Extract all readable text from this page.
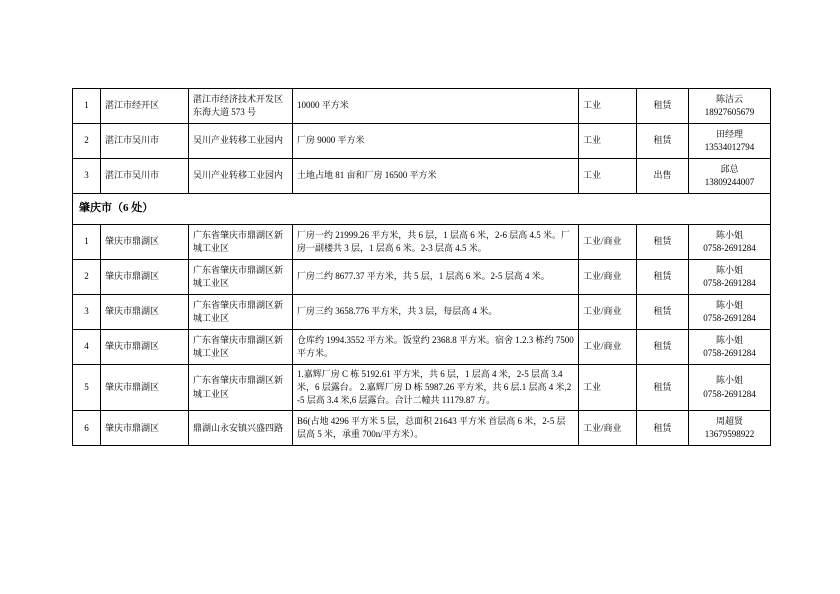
1	湛江市经开区	湛江市经济技术开发区东海大道 573 号	10000 平方米	工业	租赁	陈洁云
18927605679

2	湛江市吴川市	吴川产业转移工业园内	厂房 9000 平方米	工业	租赁	田经理
13534012794

3	湛江市吴川市	吴川产业转移工业园内	土地占地 81 亩和厂房 16500 平方米	工业	出售	邱总
13809244007

肇庆市（6 处）						
1	肇庆市鼎湖区	广东省肇庆市鼎湖区新城工业区	厂房一约 21999.26 平方米，共 6 层，1 层高 6 米，2-6 层高 4.5 米。厂房一副楼共 3 层，1 层高 6 米。2-3 层高 4.5 米。	工业/商业	租赁	陈小姐
0758-2691284

2	肇庆市鼎湖区	广东省肇庆市鼎湖区新城工业区	厂房二约 8677.37 平方米，共 5 层，1 层高 6 米。2-5 层高 4 米。	工业/商业	租赁	陈小姐
0758-2691284

3	肇庆市鼎湖区	广东省肇庆市鼎湖区新城工业区	厂房三约 3658.776 平方米，共 3 层，每层高 4 米。	工业/商业	租赁	陈小姐
0758-2691284

4	肇庆市鼎湖区	广东省肇庆市鼎湖区新城工业区	仓库约 1994.3552 平方米。饭堂约 2368.8 平方米。宿舍 1.2.3 栋约 7500 平方米。	工业/商业	租赁	陈小姐
0758-2691284

5	肇庆市鼎湖区	广东省肇庆市鼎湖区新城工业区	1.嘉辉厂房 C 栋 5192.61 平方米，共 6 层，1 层高 4 米，2-5 层高 3.4 米，6 层露台。 2.嘉辉厂房 D 栋 5987.26 平方米，共 6 层.1 层高 4 米,2-5 层高 3.4 米,6 层露台。合计二幢共 11179.87 方。	工业	租赁	陈小姐
0758-2691284

6	肇庆市鼎湖区	鼎湖山永安镇兴盛四路	B6(占地 4296 平方米 5 层，总面积 21643 平方米 首层高 6 米，2-5 层层高 5 米，承重 700n/平方米）。	工业/商业	租赁	周超贤
13679598922
